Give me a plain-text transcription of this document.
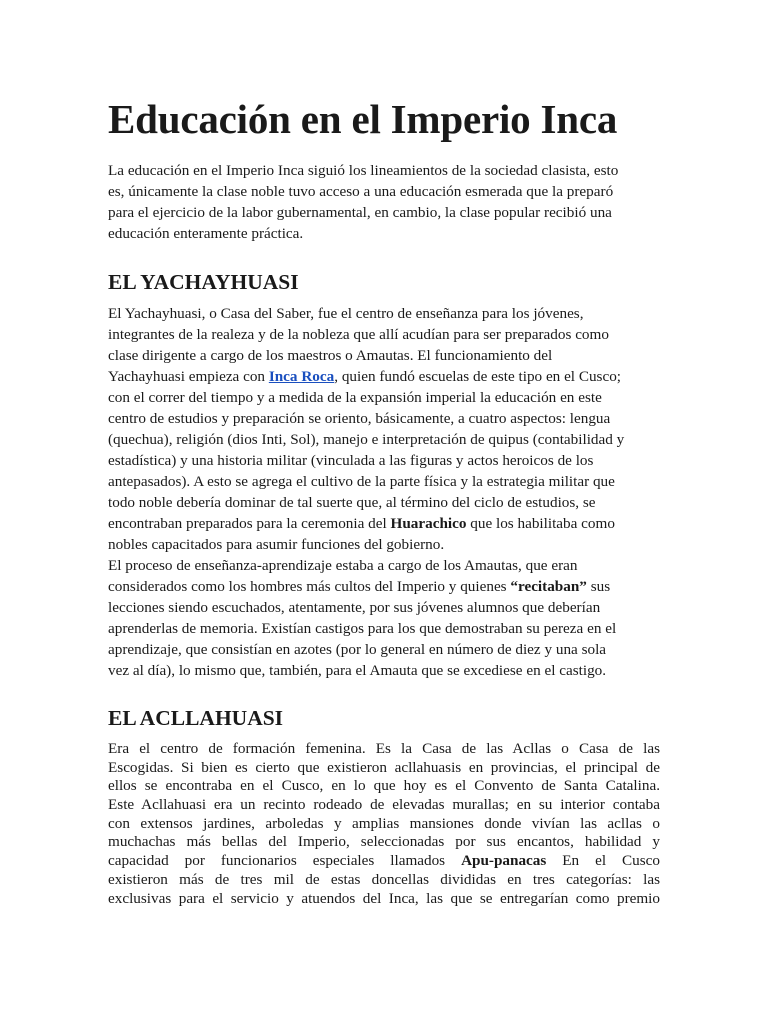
Educación en el Imperio Inca
La educación en el Imperio Inca siguió los lineamientos de la sociedad clasista, esto
es, únicamente la clase noble tuvo acceso a una educación esmerada que la preparó
para el ejercicio de la labor gubernamental, en cambio, la clase popular recibió una
educación enteramente práctica.
EL YACHAYHUASI
El Yachayhuasi, o Casa del Saber, fue el centro de enseñanza para los jóvenes,
integrantes de la realeza y de la nobleza que allí acudían para ser preparados como
clase dirigente a cargo de los maestros o Amautas. El funcionamiento del
Yachayhuasi empieza con Inca Roca, quien fundó escuelas de este tipo en el Cusco;
con el correr del tiempo y a medida de la expansión imperial la educación en este
centro de estudios y preparación se oriento, básicamente, a cuatro aspectos: lengua
(quechua), religión (dios Inti, Sol), manejo e interpretación de quipus (contabilidad y
estadística) y una historia militar (vinculada a las figuras y actos heroicos de los
antepasados). A esto se agrega el cultivo de la parte física y la estrategia militar que
todo noble debería dominar de tal suerte que, al término del ciclo de estudios, se
encontraban preparados para la ceremonia del Huarachico que los habilitaba como
nobles capacitados para asumir funciones del gobierno.
El proceso de enseñanza-aprendizaje estaba a cargo de los Amautas, que eran
considerados como los hombres más cultos del Imperio y quienes “recitaban” sus
lecciones siendo escuchados, atentamente, por sus jóvenes alumnos que deberían
aprenderlas de memoria. Existían castigos para los que demostraban su pereza en el
aprendizaje, que consistían en azotes (por lo general en número de diez y una sola
vez al día), lo mismo que, también, para el Amauta que se excediese en el castigo.
EL ACLLAHUASI
Era el centro de formación femenina. Es la Casa de las Acllas o Casa de las
Escogidas. Si bien es cierto que existieron acllahuasis en provincias, el principal de
ellos se encontraba en el Cusco, en lo que hoy es el Convento de Santa Catalina.
Este Acllahuasi era un recinto rodeado de elevadas murallas; en su interior contaba
con extensos jardines, arboledas y amplias mansiones donde vivían las acllas o
muchachas más bellas del Imperio, seleccionadas por sus encantos, habilidad y
capacidad por funcionarios especiales llamados Apu-panacas En el Cusco
existieron más de tres mil de estas doncellas divididas en tres categorías: las
exclusivas para el servicio y atuendos del Inca, las que se entregarían como premio
